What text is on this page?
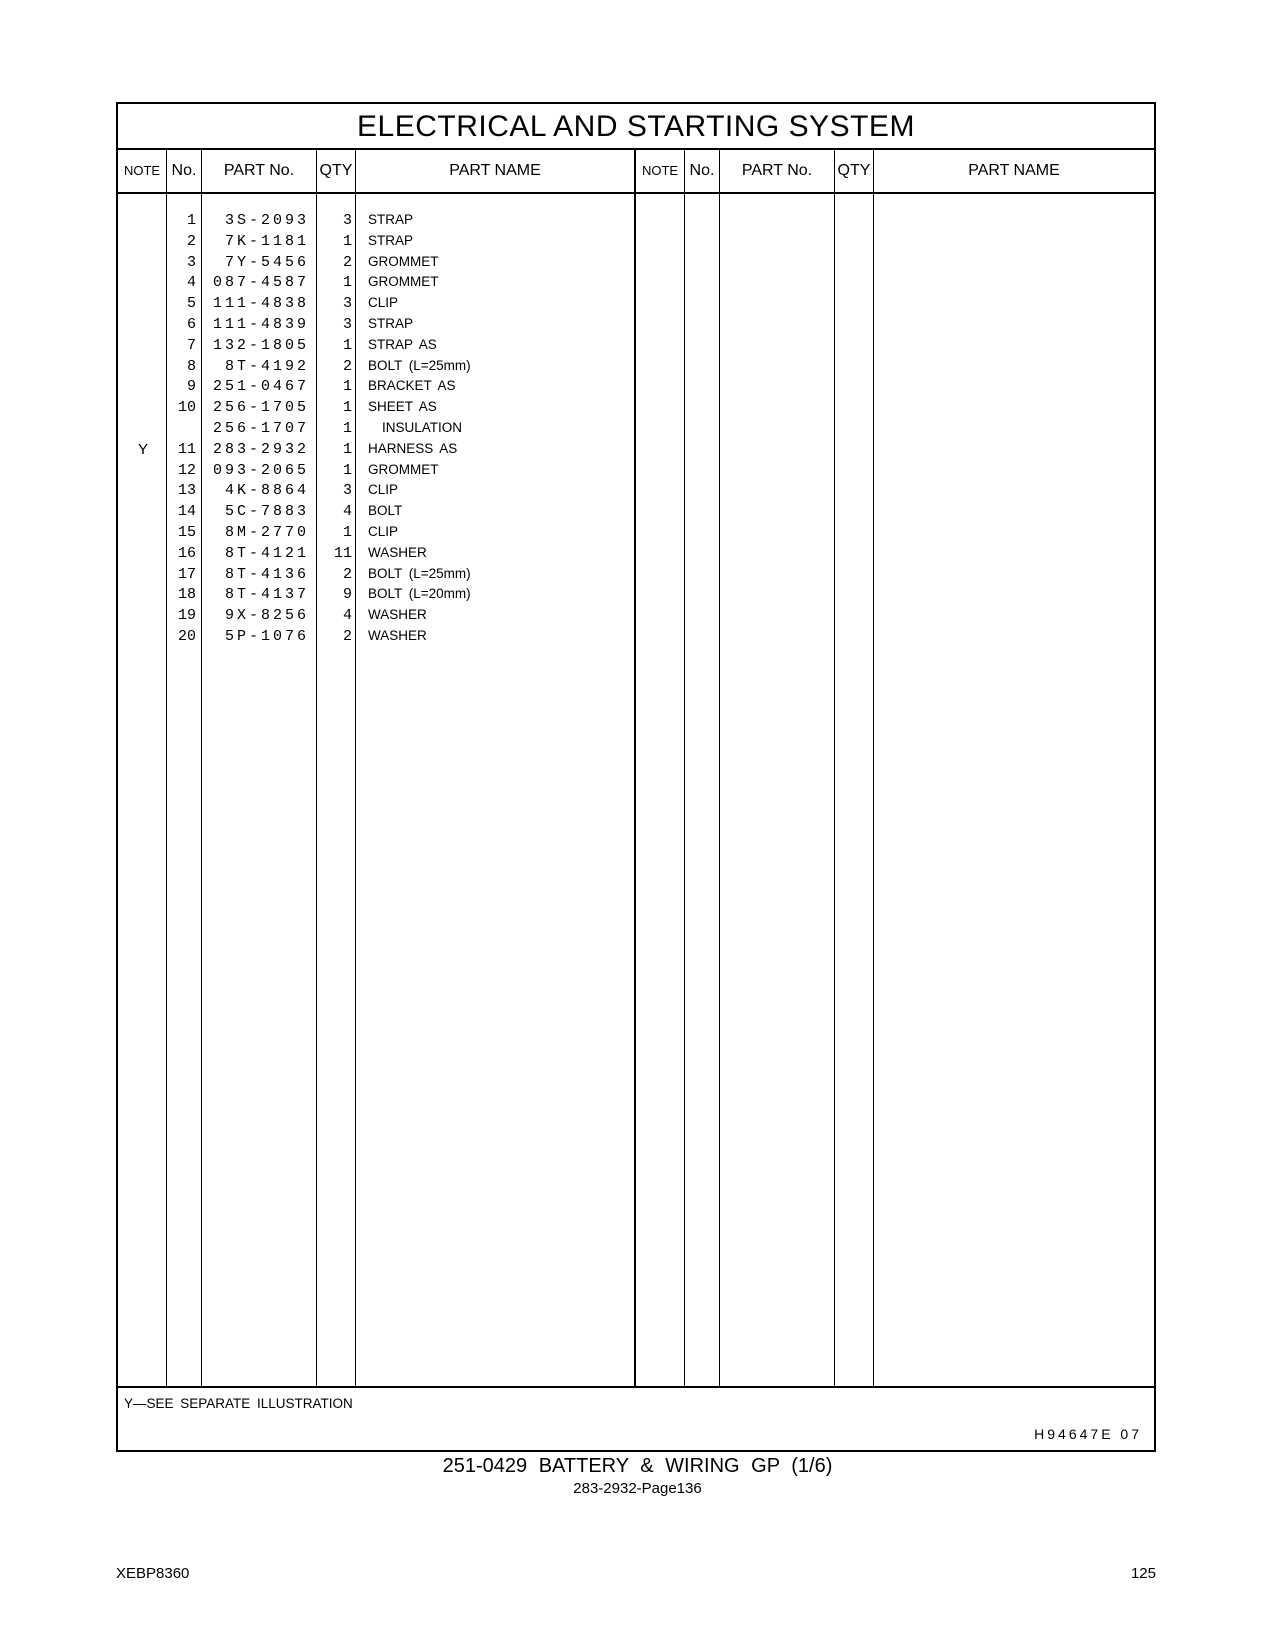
ELECTRICAL AND STARTING SYSTEM
NOTE No.	PART No.	QTY	PART NAME	NOTE No.	PART No.	QTY	PART NAME
1	3S-2093	3 STRAP
2	7K-1181	1 STRAP
3	7Y-5456	2 GROMMET
4	087-4587	1 GROMMET
5	111-4838	3 CLIP
6	111-4839	3 STRAP
7	132-1805	1 STRAP AS
8	8T-4192	2 BOLT (L=25mm)
9	251-0467	1 BRACKET AS
10	256-1705	1 SHEET AS
256-1707	1	INSULATION
Y	11	283-2932	1 HARNESS AS
12	093-2065	1 GROMMET
13	4K-8864	3 CLIP
14	5C-7883	4 BOLT
15	8M-2770	1 CLIP
16	8T-4121	11 WASHER
17	8T-4136	2 BOLT (L=25mm)
18	8T-4137	9 BOLT (L=20mm)
19	9X-8256	4 WASHER
20	5P-1076	2 WASHER
Y—SEE SEPARATE ILLUSTRATION
H94647E 07
251-0429 BATTERY & WIRING GP (1/6)
283-2932-Page136
XEBP8360	125
